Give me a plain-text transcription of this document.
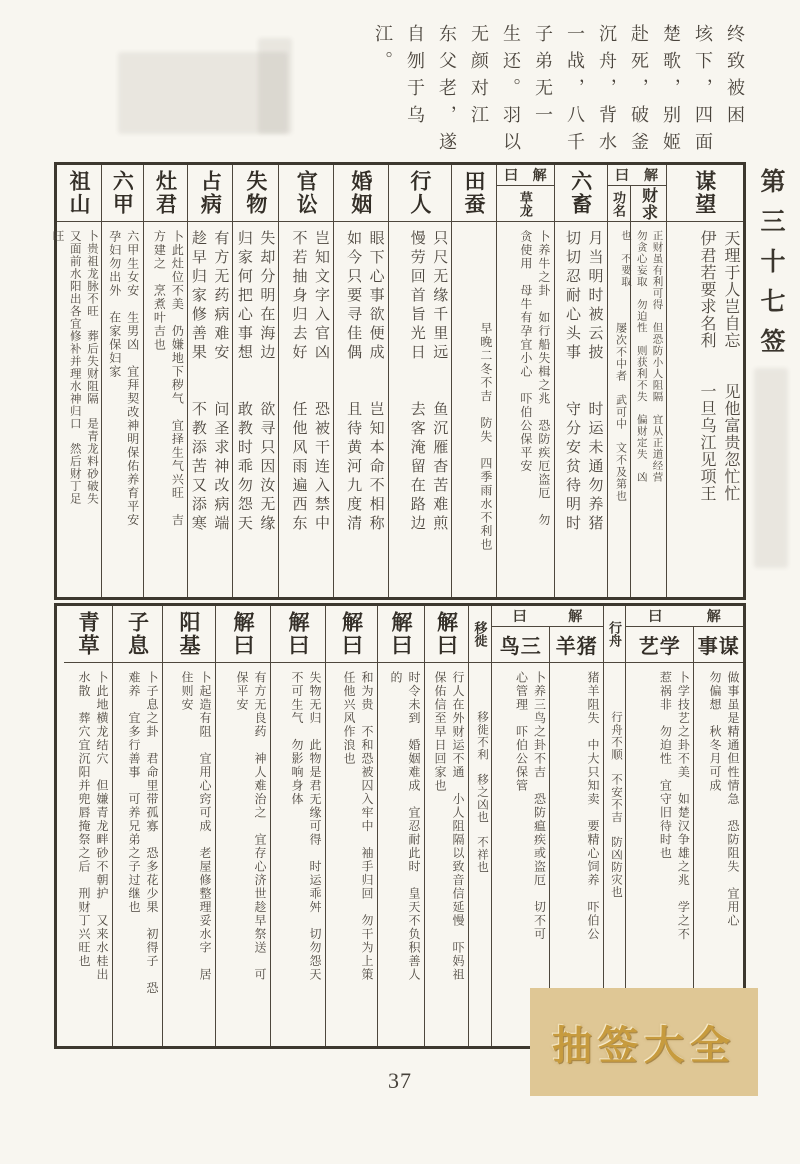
终致被困
垓下，四面
楚歌，别姬
赴死，破釜
沉舟，背水
一战，八千
子弟无一
生还。羽以
无颜对江
东父老，遂
自刎于乌
江。
第三十七签
谋望
天理于人岂自忘　　见他富贵忽忙忙
伊君若要求名利　　一旦乌江见项王
解
曰
财求
正财虽有利可得　但恐防小人阻隔　宜从正道经营
勿贪心妄取　勿迫性　则获利不失　偏财定失　凶
也　不要取
功名
屡次不中者　武可中　文不及第也
六畜
月当明时被云披　　时运未通勿养猪
切切忍耐心头事　　守分安贫待明时
解
曰
草龙
卜养牛之卦　如行船失楫之兆　恐防疾厄盗厄　勿
贪使用　母牛有孕宜小心　吓伯公保平安
田蚕
早晚二冬不吉　防失　四季雨水不利也
行人
只尺无缘千里远　　鱼沉雁杳苦难煎
慢劳回首旨光日　　去客淹留在路边
婚姻
眼下心事欲便成　　岂知本命不相称
如今只要寻佳偶　　且待黄河九度清
官讼
岂知文字入官凶　　恐被干连入禁中
不若抽身归去好　　任他风雨遍西东
失物
失却分明在海边　　欲寻只因汝无缘
归家何把心事想　　敢教时乖勿怨天
占病
有方无药病难安　　问圣求神改病端
趁早归家修善果　　不教添苦又添寒
灶君
卜此灶位不美　仍嫌地下秽气　宜择生气兴旺　吉
方建之　烹煮叶吉也
六甲
六甲生女安　生男凶　宜拜契改神明保佑养育平安
孕妇勿出外　在家保妇家
祖山
卜贵祖龙脉不旺　葬后失财阻隔　是青龙料砂破失
又面前水阳出各宜修补并理水神归口　然后财丁足
旺
解
曰
事谋
做事虽是精通但性情急　恐防阻失　宜用心
勿偏想　秋冬月可成
艺学
卜学技艺之卦不美　如楚汉争雄之兆　学之不
惹祸非　勿迫性　宜守旧待时也
行舟
行舟不顺　不安不吉　防凶防灾也
解
曰
羊猪
猪羊阻失　中大只知卖　要精心饲养　吓伯公
鸟三
卜养三鸟之卦不吉　恐防瘟疾或盗厄　切不可
心管理　吓伯公保管
移徙
移徙不利　移之凶也　不祥也
解曰
行人在外财运不通　小人阻隔以致音信延慢　吓妈祖
保佑信至早日回家也
解曰
时令未到　婚姻难成　宜忍耐此时　皇天不负积善人
的
解曰
和为贵　不和恐被囚入牢中　袖手归回　勿干为上策
任他兴风作浪也
解曰
失物无归　此物是君无缘可得　时运乖舛　切勿怨天
不可生气　勿影响身体
解曰
有方无良药　神人难治之　宜存心济世趁早祭送　可
保平安
阳基
卜起造有阻　宜用心窍可成　老屋修整理妥水字　居
住则安
子息
卜子息之卦　君命里带孤寡　恐多花少果　初得子　恐
难养　宜多行善事　可养兄弟之子过继也
青草
卜此地横龙结穴　但嫌青龙畔砂不朝护　又来水桂出
水散　葬穴宜沉阳并兜唇掩祭之后　刑财丁兴旺也
抽签大全
37
